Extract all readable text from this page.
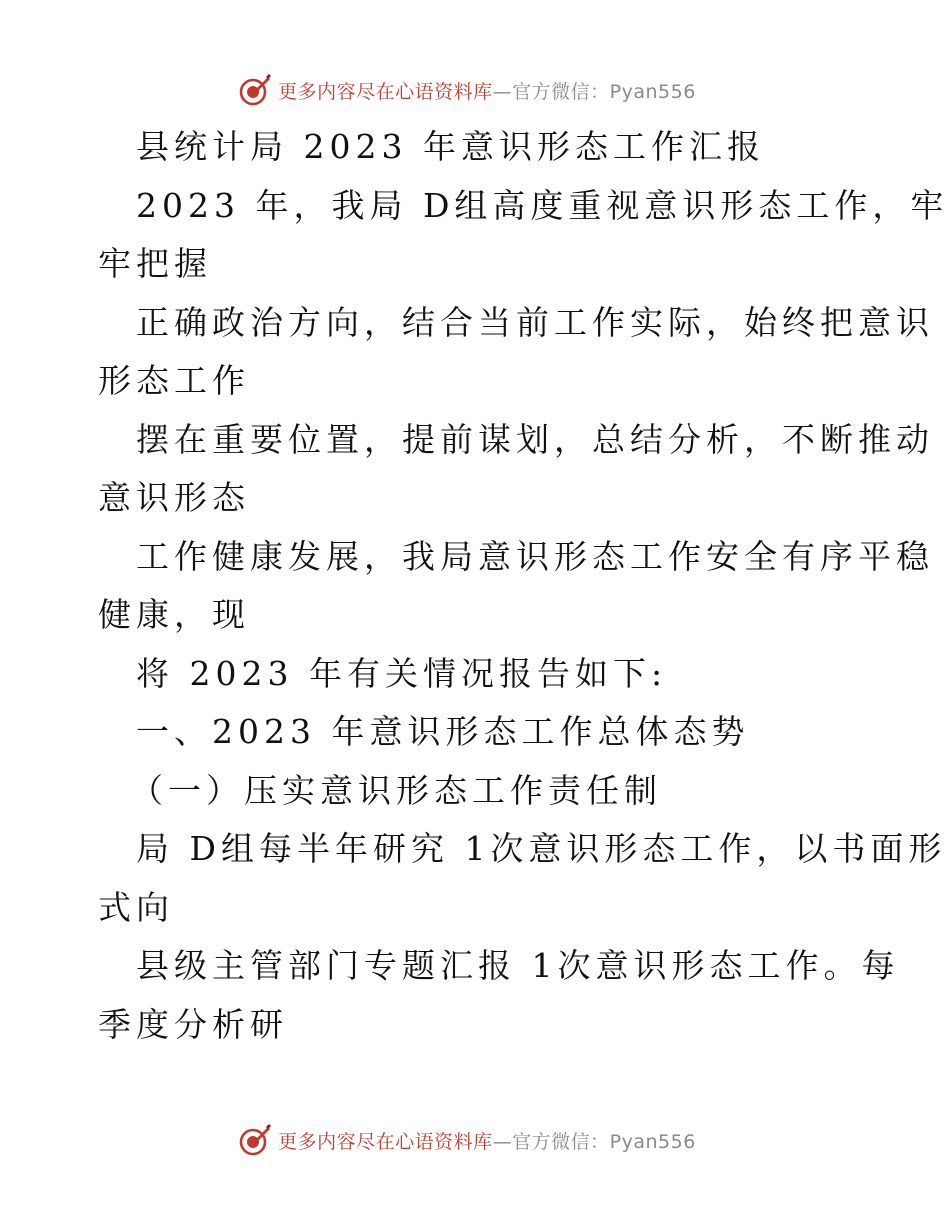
更多内容尽在心语资料库—官方微信：Pyan556

县统计局 2023 年意识形态工作汇报

2023 年，我局 D组高度重视意识形态工作，牢

牢把握

正确政治方向，结合当前工作实际，始终把意识

形态工作

摆在重要位置，提前谋划，总结分析，不断推动

意识形态

工作健康发展，我局意识形态工作安全有序平稳

健康，现

将 2023 年有关情况报告如下:

一、2023 年意识形态工作总体态势

（一）压实意识形态工作责任制

局 D组每半年研究 1次意识形态工作，以书面形

式向

县级主管部门专题汇报 1次意识形态工作。每

季度分析研

更多内容尽在心语资料库—官方微信：Pyan556
